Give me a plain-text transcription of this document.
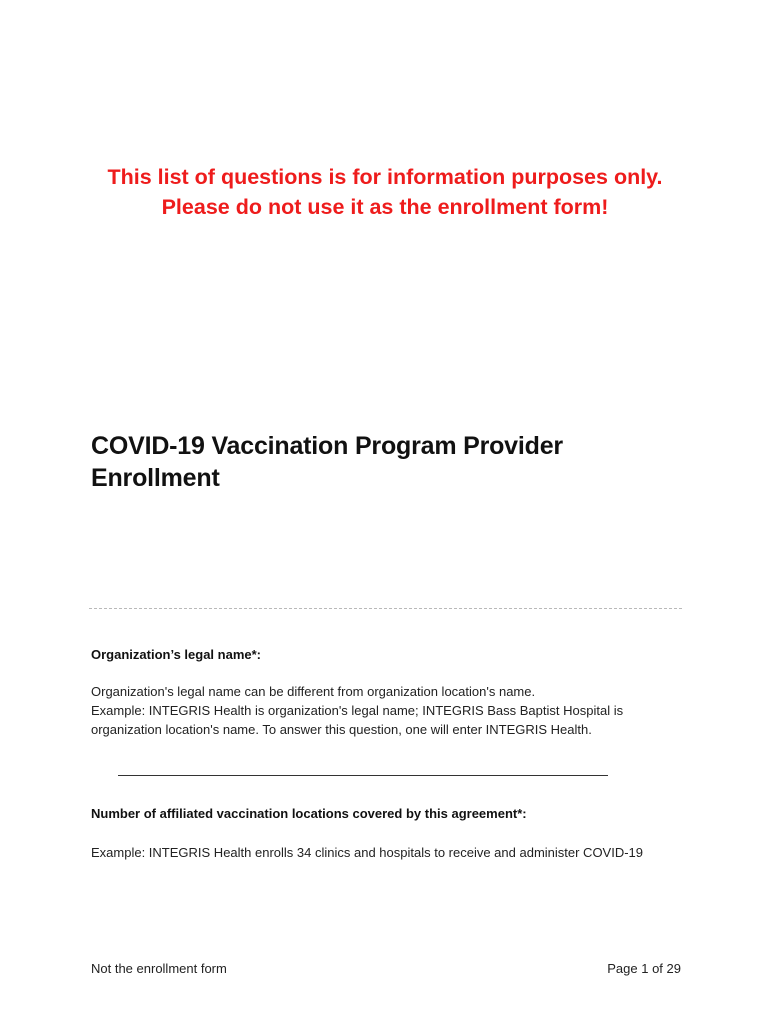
This list of questions is for information purposes only.
Please do not use it as the enrollment form!
COVID-19 Vaccination Program Provider
Enrollment
Organization’s legal name*:
Organization's legal name can be different from organization location's name.
Example: INTEGRIS Health is organization's legal name; INTEGRIS Bass Baptist Hospital is
organization location's name. To answer this question, one will enter INTEGRIS Health.
Number of affiliated vaccination locations covered by this agreement*:
Example: INTEGRIS Health enrolls 34 clinics and hospitals to receive and administer COVID-19
Not the enrollment form	Page 1 of 29
